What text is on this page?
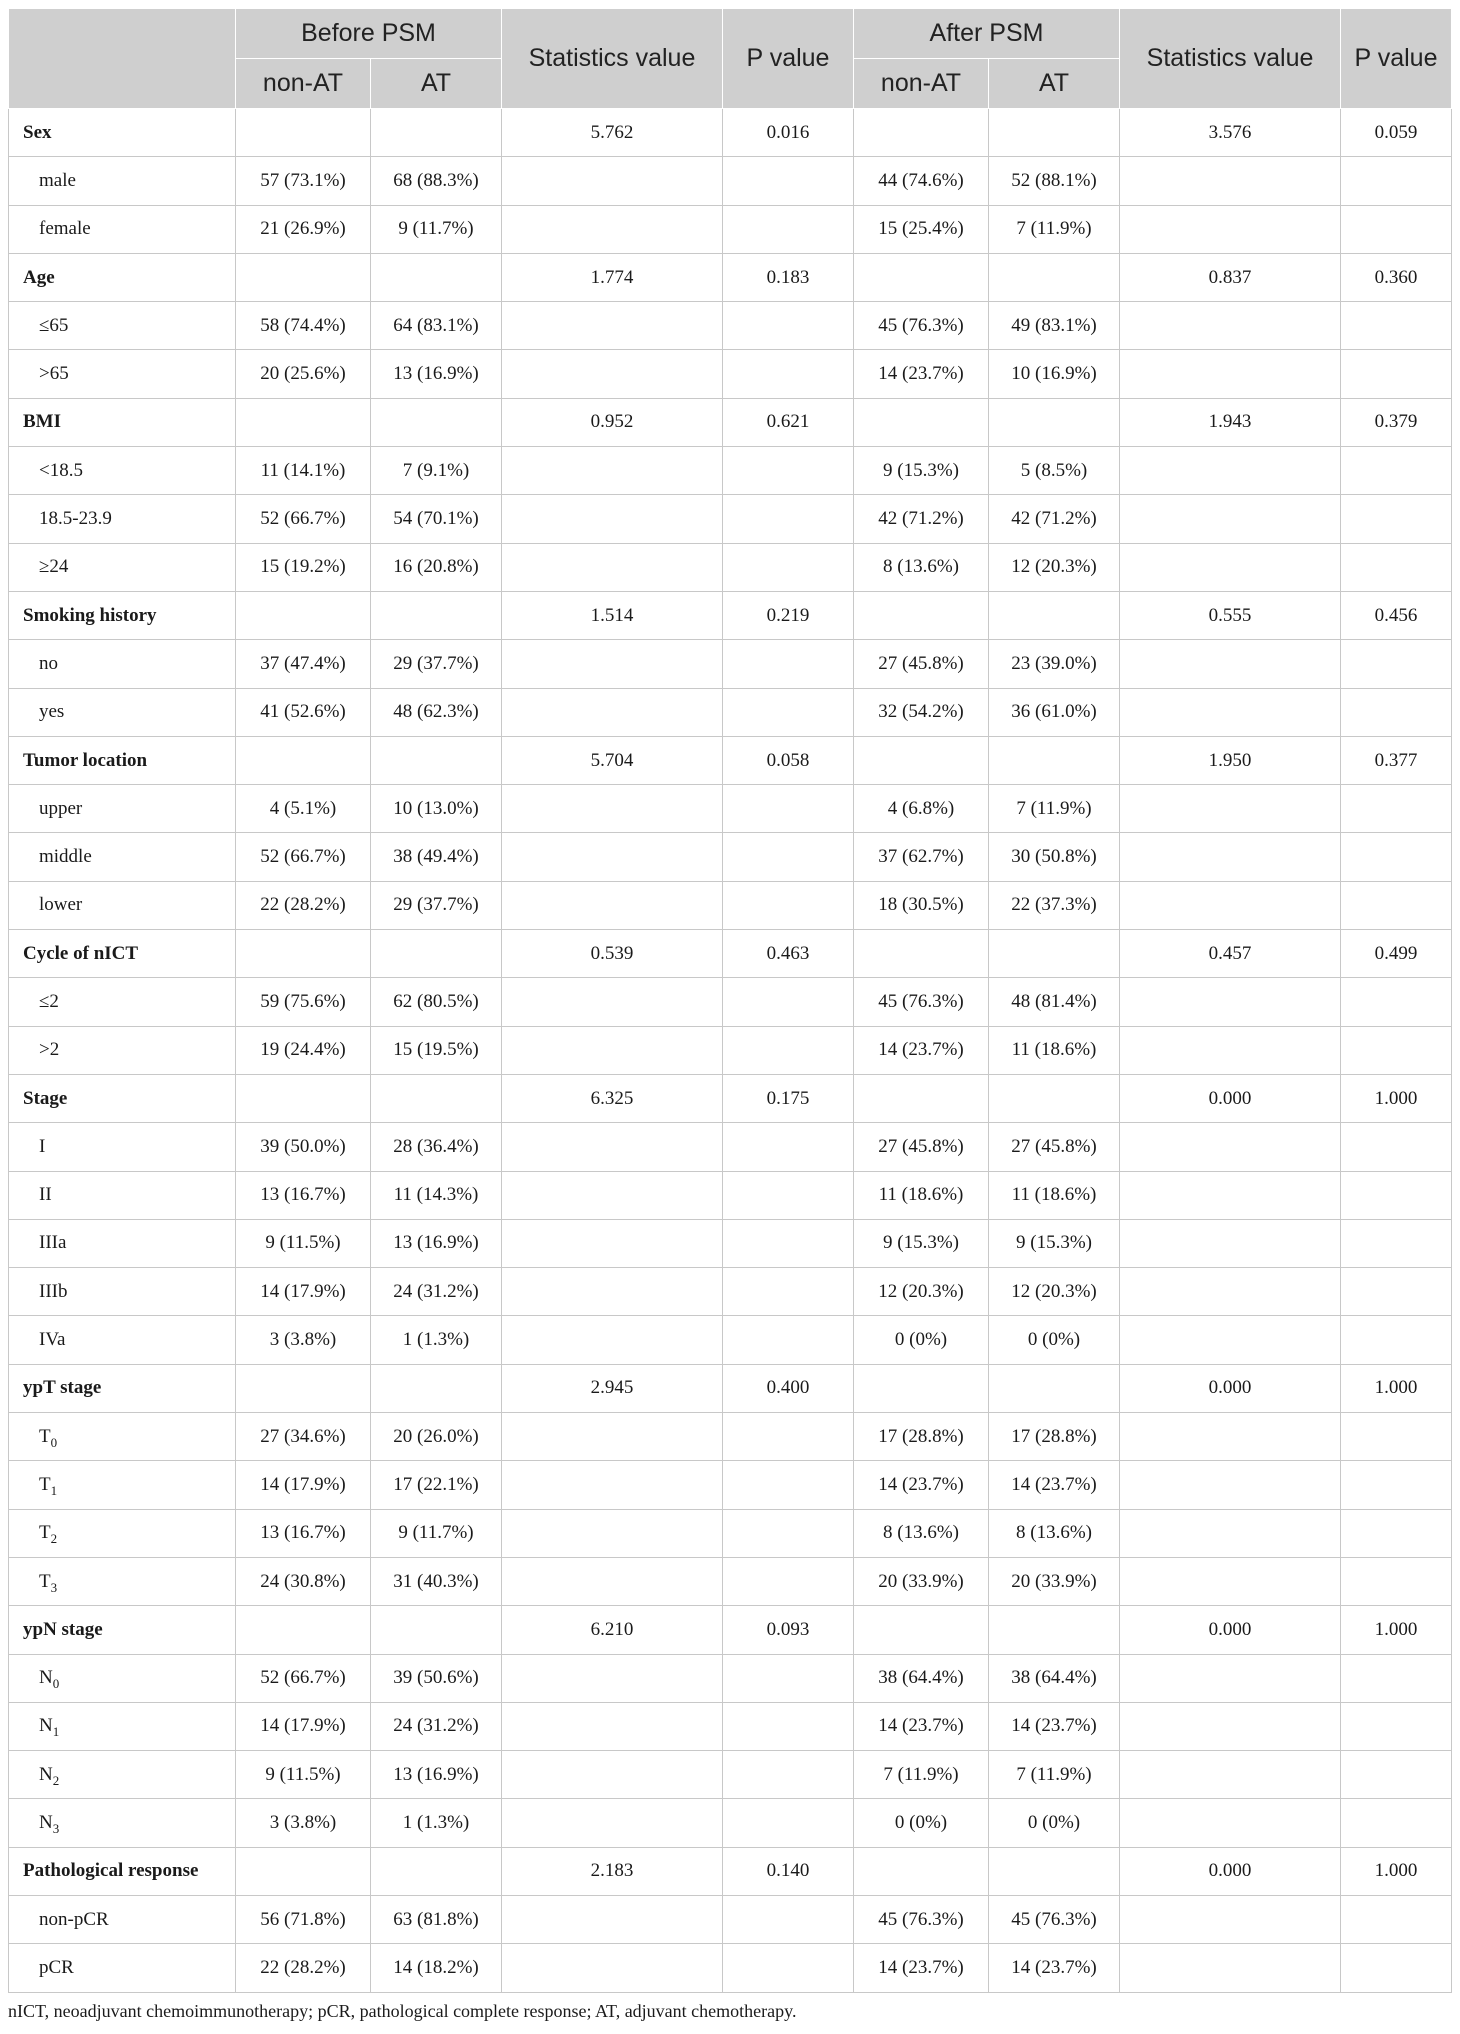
	Before PSM		Statistics value	P value	After PSM		Statistics value	P value
	non-AT	AT			non-AT	AT		
Sex			5.762	0.016			3.576	0.059
male	57 (73.1%)	68 (88.3%)			44 (74.6%)	52 (88.1%)		
female	21 (26.9%)	9 (11.7%)			15 (25.4%)	7 (11.9%)		
Age			1.774	0.183			0.837	0.360
≤65	58 (74.4%)	64 (83.1%)			45 (76.3%)	49 (83.1%)		
>65	20 (25.6%)	13 (16.9%)			14 (23.7%)	10 (16.9%)		
BMI			0.952	0.621			1.943	0.379
<18.5	11 (14.1%)	7 (9.1%)			9 (15.3%)	5 (8.5%)		
18.5-23.9	52 (66.7%)	54 (70.1%)			42 (71.2%)	42 (71.2%)		
≥24	15 (19.2%)	16 (20.8%)			8 (13.6%)	12 (20.3%)		
Smoking history			1.514	0.219			0.555	0.456
no	37 (47.4%)	29 (37.7%)			27 (45.8%)	23 (39.0%)		
yes	41 (52.6%)	48 (62.3%)			32 (54.2%)	36 (61.0%)		
Tumor location			5.704	0.058			1.950	0.377
upper	4 (5.1%)	10 (13.0%)			4 (6.8%)	7 (11.9%)		
middle	52 (66.7%)	38 (49.4%)			37 (62.7%)	30 (50.8%)		
lower	22 (28.2%)	29 (37.7%)			18 (30.5%)	22 (37.3%)		
Cycle of nICT			0.539	0.463			0.457	0.499
≤2	59 (75.6%)	62 (80.5%)			45 (76.3%)	48 (81.4%)		
>2	19 (24.4%)	15 (19.5%)			14 (23.7%)	11 (18.6%)		
Stage			6.325	0.175			0.000	1.000
I	39 (50.0%)	28 (36.4%)			27 (45.8%)	27 (45.8%)		
II	13 (16.7%)	11 (14.3%)			11 (18.6%)	11 (18.6%)		
IIIa	9 (11.5%)	13 (16.9%)			9 (15.3%)	9 (15.3%)		
IIIb	14 (17.9%)	24 (31.2%)			12 (20.3%)	12 (20.3%)		
IVa	3 (3.8%)	1 (1.3%)			0 (0%)	0 (0%)		
ypT stage			2.945	0.400			0.000	1.000
$T_0$	27 (34.6%)	20 (26.0%)			17 (28.8%)	17 (28.8%)		
$T_1$	14 (17.9%)	17 (22.1%)			14 (23.7%)	14 (23.7%)		
$T_2$	13 (16.7%)	9 (11.7%)			8 (13.6%)	8 (13.6%)		
$T_3$	24 (30.8%)	31 (40.3%)			20 (33.9%)	20 (33.9%)		
ypN stage			6.210	0.093			0.000	1.000
$N_0$	52 (66.7%)	39 (50.6%)			38 (64.4%)	38 (64.4%)		
$N_1$	14 (17.9%)	24 (31.2%)			14 (23.7%)	14 (23.7%)		
$N_2$	9 (11.5%)	13 (16.9%)			7 (11.9%)	7 (11.9%)		
$N_3$	3 (3.8%)	1 (1.3%)			0 (0%)	0 (0%)		
Pathological response			2.183	0.140			0.000	1.000
non-pCR	56 (71.8%)	63 (81.8%)			45 (76.3%)	45 (76.3%)		
pCR	22 (28.2%)	14 (18.2%)			14 (23.7%)	14 (23.7%)		
nICT, neoadjuvant chemoimmunotherapy; pCR, pathological complete response; AT, adjuvant chemotherapy.
